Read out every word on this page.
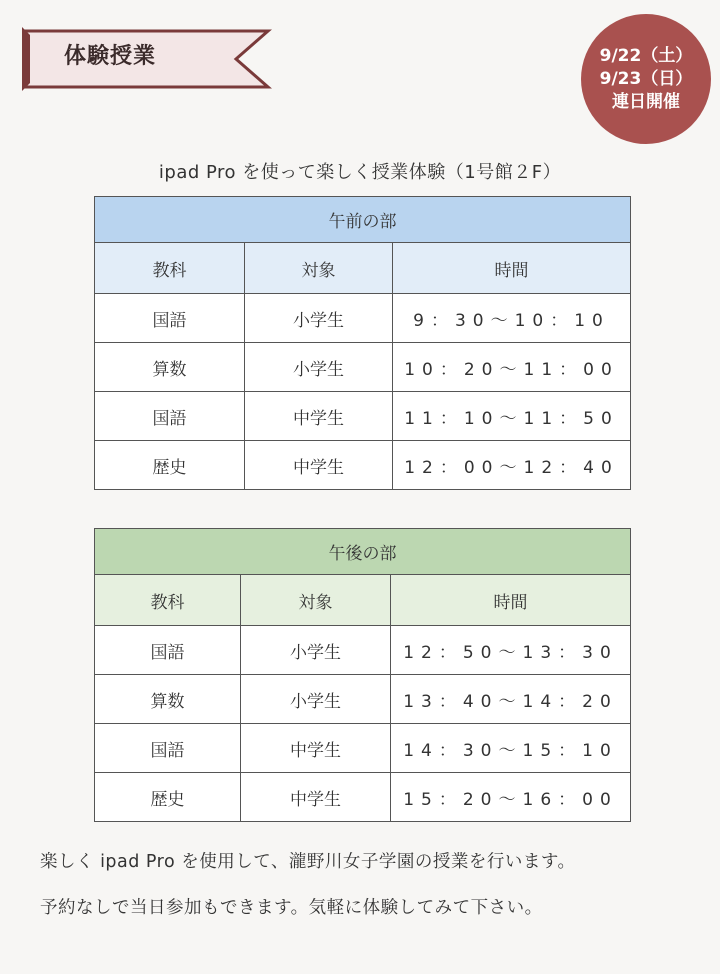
体験授業	9/22（土）
9/23（日）
連日開催
ipad Pro を使って楽しく授業体験（1号館２F）
午前の部		
教科	対象	時間
国語	小学生	9：30〜10：10
算数	小学生	10：20〜11：00
国語	中学生	11：10〜11：50
歴史	中学生	12：00〜12：40
午後の部		
教科	対象	時間
国語	小学生	12：50〜13：30
算数	小学生	13：40〜14：20
国語	中学生	14：30〜15：10
歴史	中学生	15：20〜16：00
楽しく ipad Pro を使用して、瀧野川女子学園の授業を行います。
予約なしで当日参加もできます。気軽に体験してみて下さい。
